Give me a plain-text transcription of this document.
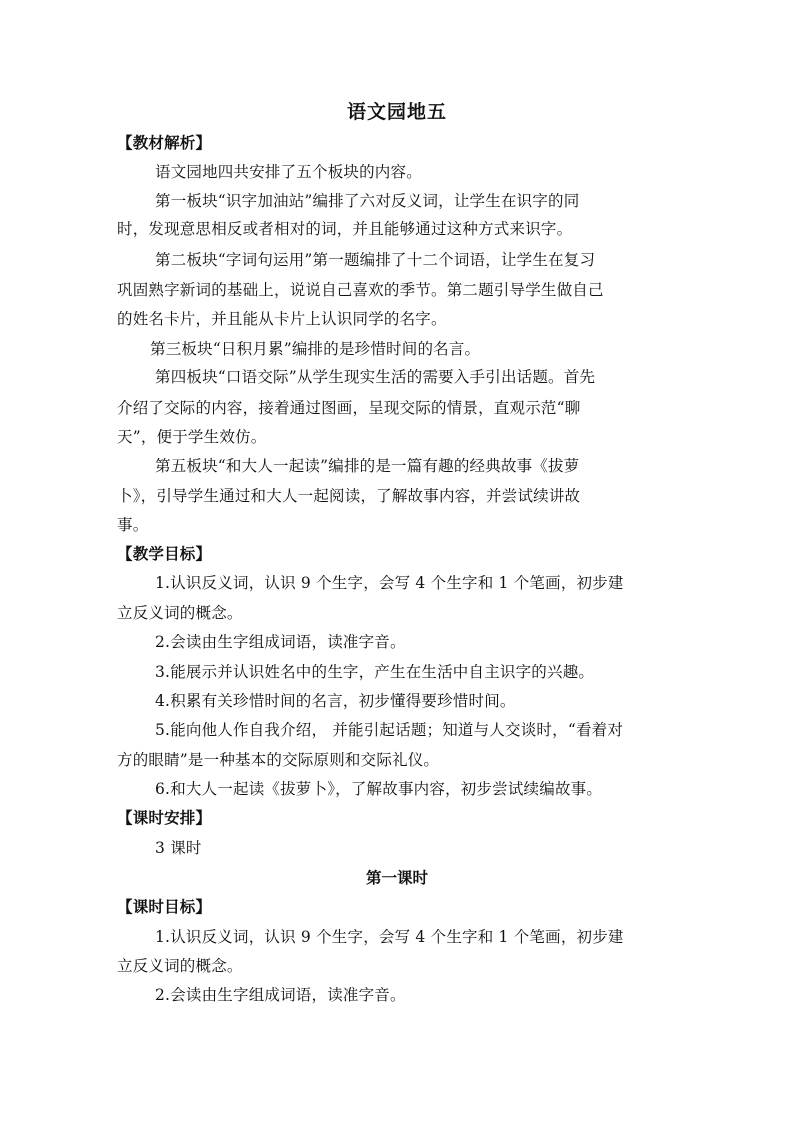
语文园地五
【教材解析】
语文园地四共安排了五个板块的内容。
第一板块“识字加油站”编排了六对反义词，让学生在识字的同
时，发现意思相反或者相对的词，并且能够通过这种方式来识字。
第二板块“字词句运用”第一题编排了十二个词语，让学生在复习
巩固熟字新词的基础上，说说自己喜欢的季节。第二题引导学生做自己
的姓名卡片，并且能从卡片上认识同学的名字。
第三板块“日积月累”编排的是珍惜时间的名言。
第四板块“口语交际”从学生现实生活的需要入手引出话题。首先
介绍了交际的内容，接着通过图画，呈现交际的情景，直观示范“聊
天”，便于学生效仿。
第五板块“和大人一起读”编排的是一篇有趣的经典故事《拔萝
卜》，引导学生通过和大人一起阅读，了解故事内容，并尝试续讲故
事。
【教学目标】
1.认识反义词，认识 9 个生字，会写 4 个生字和 1 个笔画，初步建
立反义词的概念。
2.会读由生字组成词语，读准字音。
3.能展示并认识姓名中的生字，产生在生活中自主识字的兴趣。
4.积累有关珍惜时间的名言，初步懂得要珍惜时间。
5.能向他人作自我介绍， 并能引起话题；知道与人交谈时，“看着对
方的眼睛”是一种基本的交际原则和交际礼仪。
6.和大人一起读《拔萝卜》，了解故事内容，初步尝试续编故事。
【课时安排】
3 课时
第一课时
【课时目标】
1.认识反义词，认识 9 个生字，会写 4 个生字和 1 个笔画，初步建
立反义词的概念。
2.会读由生字组成词语，读准字音。
